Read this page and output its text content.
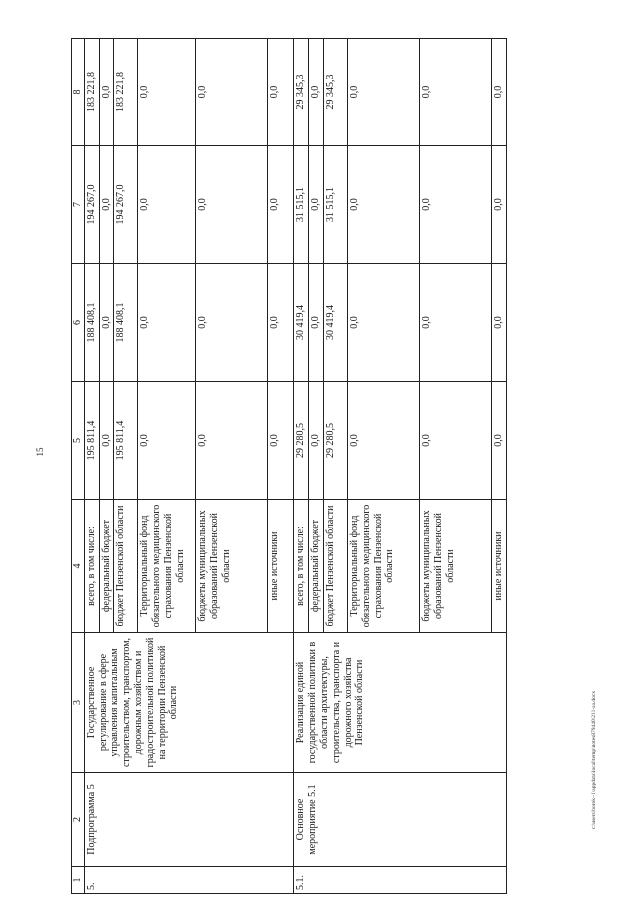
15
c:\users\borok~1\appdata\local\temp\notes879440\211-aa.docx
1	2	3	4	5	6	7	8
5.	Подпрограмма 5	Государственное регулирование в сфере управления капитальным строительством, транспортом, дорожным хозяйством и градостроительной политикой на территории Пензенской области	всего, в том числе:	195 811,4	188 408,1	194 267,0	183 221,8
			федеральный бюджет	0,0	0,0	0,0	0,0
			бюджет Пензенской области	195 811,4	188 408,1	194 267,0	183 221,8
			Территориальный фонд обязательного медицинского страхования Пензенской области	0,0	0,0	0,0	0,0
			бюджеты муниципальных образований Пензенской области	0,0	0,0	0,0	0,0
			иные источники	0,0	0,0	0,0	0,0
5.1.	Основное мероприятие 5.1	Реализация единой государственной политики в области архитектуры, строительства, транспорта и дорожного хозяйства Пензенской области	всего, в том числе:	29 280,5	30 419,4	31 515,1	29 345,3
			федеральный бюджет	0,0	0,0	0,0	0,0
			бюджет Пензенской области	29 280,5	30 419,4	31 515,1	29 345,3
			Территориальный фонд обязательного медицинского страхования Пензенской области	0,0	0,0	0,0	0,0
			бюджеты муниципальных образований Пензенской области	0,0	0,0	0,0	0,0
			иные источники	0,0	0,0	0,0	0,0
